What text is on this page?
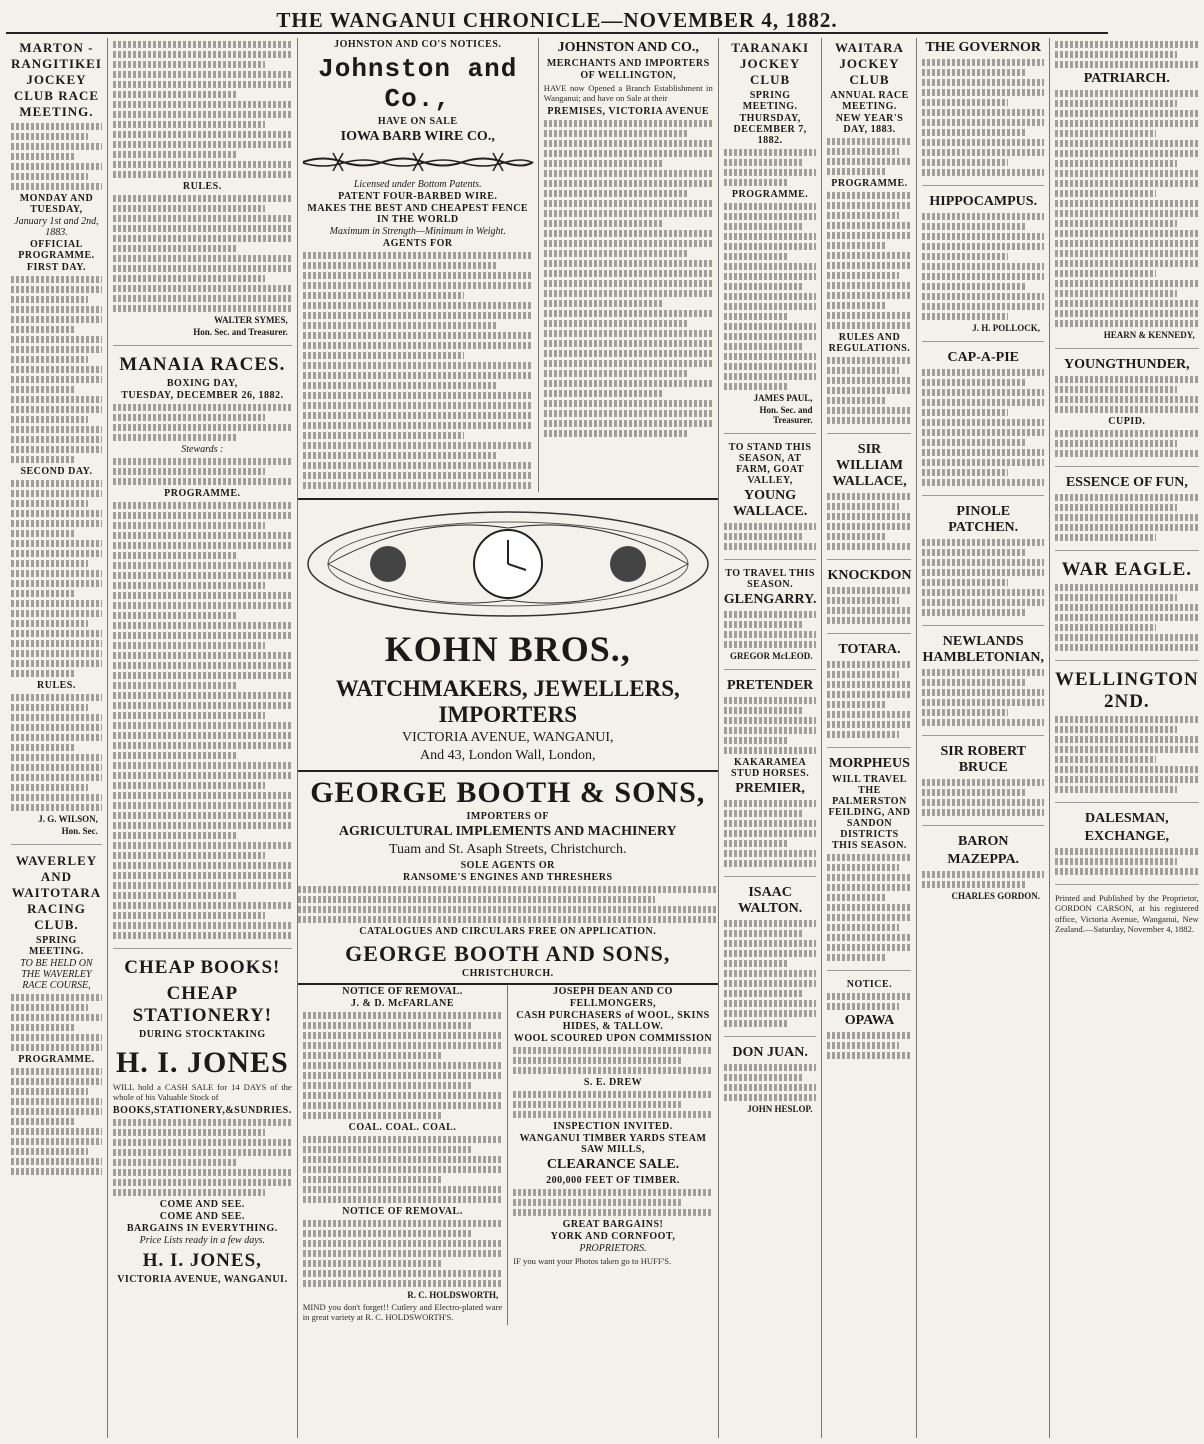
THE WANGANUI CHRONICLE—NOVEMBER 4, 1882.
MARTON - RANGITIKEI JOCKEY CLUB RACE MEETING.
MONDAY AND TUESDAY,
January 1st and 2nd, 1883.
OFFICIAL PROGRAMME.
FIRST DAY.
SECOND DAY.
RULES.
J. G. WILSON,
Hon. Sec.
WAVERLEY AND WAITOTARA RACING CLUB.
SPRING MEETING.
TO BE HELD ON THE WAVERLEY RACE COURSE,
PROGRAMME.
RULES.
WALTER SYMES,
Hon. Sec. and Treasurer.
MANAIA RACES.
BOXING DAY,
TUESDAY, DECEMBER 26, 1882.
Stewards :
PROGRAMME.
CHEAP BOOKS!
CHEAP STATIONERY!
DURING STOCKTAKING
H. I. JONES
WILL hold a CASH SALE for 14 DAYS of the whole of his Valuable Stock of
BOOKS,STATIONERY,&SUNDRIES.
COME AND SEE.
COME AND SEE.
BARGAINS IN EVERYTHING.
Price Lists ready in a few days.
H. I. JONES,
VICTORIA AVENUE, WANGANUI.
JOHNSTON AND CO'S NOTICES.
Johnston and Co.,
HAVE ON SALE
IOWA BARB WIRE CO.,
Licensed under Bottom Patents.
PATENT FOUR-BARBED WIRE.
MAKES THE BEST AND CHEAPEST FENCE IN THE WORLD
Maximum in Strength—Minimum in Weight.
AGENTS FOR
JOHNSTON AND CO.,
MERCHANTS AND IMPORTERS
OF WELLINGTON,
HAVE now Opened a Branch Establishment in Wanganui; and have on Sale at their
PREMISES, VICTORIA AVENUE
KOHN BROS.,
WATCHMAKERS, JEWELLERS, IMPORTERS
VICTORIA AVENUE, WANGANUI,
And 43, London Wall, London,
GEORGE BOOTH & SONS,
IMPORTERS OF
AGRICULTURAL IMPLEMENTS AND MACHINERY
Tuam and St. Asaph Streets, Christchurch.
SOLE AGENTS OR
RANSOME'S ENGINES AND THRESHERS
CATALOGUES AND CIRCULARS FREE ON APPLICATION.
GEORGE BOOTH AND SONS,
CHRISTCHURCH.
NOTICE OF REMOVAL.
J. & D. McFARLANE
COAL. COAL. COAL.
NOTICE OF REMOVAL.
R. C. HOLDSWORTH,
MIND you don't forget!! Cutlery and Electro-plated ware in great variety at R. C. HOLDSWORTH'S.
JOSEPH DEAN AND CO
FELLMONGERS,
CASH PURCHASERS of WOOL, SKINS HIDES, & TALLOW.
WOOL SCOURED UPON COMMISSION
S. E. DREW
INSPECTION INVITED.
WANGANUI TIMBER YARDS STEAM SAW MILLS,
CLEARANCE SALE.
200,000 FEET OF TIMBER.
GREAT BARGAINS!
YORK AND CORNFOOT,
PROPRIETORS.
IF you want your Photos taken go to HUFF'S.
TARANAKI JOCKEY CLUB
SPRING MEETING.
THURSDAY, DECEMBER 7, 1882.
PROGRAMME.
JAMES PAUL,
Hon. Sec. and Treasurer.
TO STAND THIS SEASON, AT FARM, GOAT VALLEY,
YOUNG WALLACE.
TO TRAVEL THIS SEASON.
GLENGARRY.
GREGOR McLEOD.
PRETENDER
KAKARAMEA STUD HORSES.
PREMIER,
ISAAC WALTON.
DON JUAN.
JOHN HESLOP.
WAITARA JOCKEY CLUB
ANNUAL RACE MEETING.
NEW YEAR'S DAY, 1883.
PROGRAMME.
RULES AND REGULATIONS.
SIR WILLIAM WALLACE,
KNOCKDON
TOTARA.
MORPHEUS
WILL TRAVEL THE PALMERSTON FEILDING, AND SANDON DISTRICTS THIS SEASON.
NOTICE.
OPAWA
THE GOVERNOR
HIPPOCAMPUS.
J. H. POLLOCK,
CAP-A-PIE
PINOLE PATCHEN.
NEWLANDS HAMBLETONIAN,
SIR ROBERT BRUCE
BARON
MAZEPPA.
CHARLES GORDON.
PATRIARCH.
HEARN & KENNEDY,
YOUNGTHUNDER,
CUPID.
ESSENCE OF FUN,
WAR EAGLE.
WELLINGTON 2ND.
DALESMAN,
EXCHANGE,
Printed and Published by the Proprietor, GORDON CARSON, at his registered office, Victoria Avenue, Wanganui, New Zealand.—Saturday, November 4, 1882.
